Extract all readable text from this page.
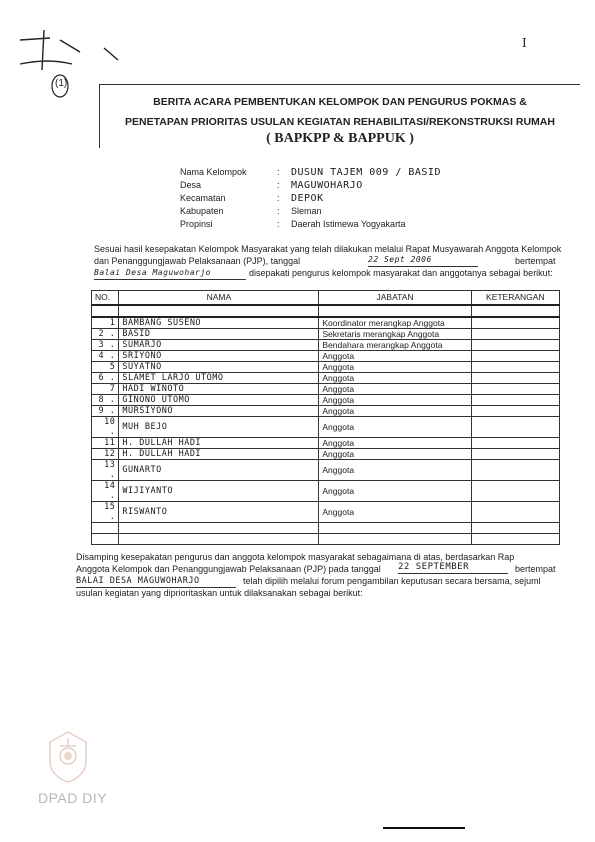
(1)
I
BERITA ACARA PEMBENTUKAN KELOMPOK DAN PENGURUS POKMAS &
PENETAPAN PRIORITAS USULAN KEGIATAN REHABILITASI/REKONSTRUKSI RUMAH
( BAPKPP & BAPPUK )
Nama Kelompok	: DUSUN TAJEM 009 / BASID
Desa	: MAGUWOHARJO
Kecamatan	: DEPOK
Kabupaten	: Sleman
Propinsi	: Daerah Istimewa Yogyakarta
Sesuai hasil kesepakatan Kelompok Masyarakat yang telah dilakukan melalui Rapat Musyawarah Anggota Kelompok
dan Penanggungjawab Pelaksanaan (PJP), tanggal	22 Sept 2006	bertempat
Balai Desa Maguwoharjo	disepakati pengurus kelompok masyarakat dan anggotanya sebagai berikut:
NO.	NAMA	JABATAN	KETERANGAN

1	BAMBANG SUSENO	Koordinator merangkap Anggota	
2 .	BASID	Sekretaris merangkap Anggota	
3 .	SUMARJO	Bendahara merangkap Anggota	
4 .	SRIYONO	Anggota	
5	SUYATNO	Anggota	
6 .	SLAMET LARJO UTOMO	Anggota	
7	HADI WINOTO	Anggota	
8 .	GINONO UTOMO	Anggota	
9 .	MURSIYONO	Anggota	
10 .	MUH BEJO	Anggota	
11	H. DULLAH HADI	Anggota	
12	H. DULLAH HADI	Anggota	
13 .	GUNARTO	Anggota	
14 .	WIJIYANTO	Anggota	
15 .	RISWANTO	Anggota	

Disamping kesepakatan pengurus dan anggota kelompok masyarakat sebagaimana di atas, berdasarkan Rap
Anggota Kelompok dan Penanggungjawab Pelaksanaan (PJP) pada tanggal 22 SEPTEMBER	bertempat
BALAI DESA MAGUWOHARJO	telah dipilih melalui forum pengambilan keputusan secara bersama, sejuml
usulan kegiatan yang diprioritaskan untuk dilaksanakan sebagai berikut:
DPAD DIY
